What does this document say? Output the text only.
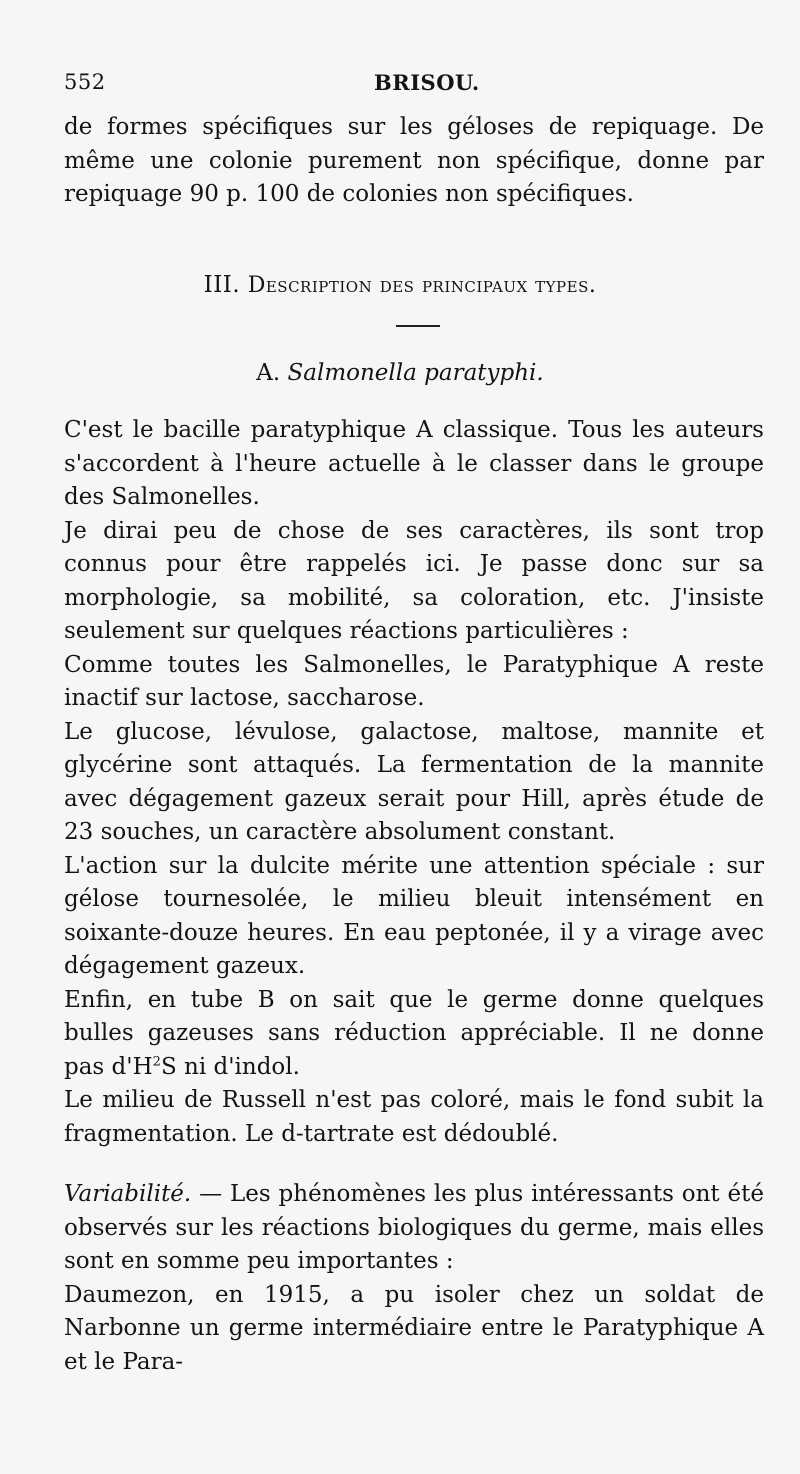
552	BRISOU.

de formes spécifiques sur les géloses de repiquage. De même une colonie purement non spécifique, donne par repiquage 90 p. 100 de colonies non spécifiques.

III. Description des principaux types.
A. Salmonella paratyphi.

C'est le bacille paratyphique A classique. Tous les auteurs s'accordent à l'heure actuelle à le classer dans le groupe des Salmonelles.

Je dirai peu de chose de ses caractères, ils sont trop connus pour être rappelés ici. Je passe donc sur sa morphologie, sa mobilité, sa coloration, etc. J'insiste seulement sur quelques réactions particulières :

Comme toutes les Salmonelles, le Paratyphique A reste inactif sur lactose, saccharose.

Le glucose, lévulose, galactose, maltose, mannite et glycérine sont attaqués. La fermentation de la mannite avec dégagement gazeux serait pour Hill, après étude de 23 souches, un caractère absolument constant.

L'action sur la dulcite mérite une attention spéciale : sur gélose tournesolée, le milieu bleuit intensément en soixante-douze heures. En eau peptonée, il y a virage avec dégagement gazeux.

Enfin, en tube B on sait que le germe donne quelques bulles gazeuses sans réduction appréciable. Il ne donne pas $d'H^2S$ ni d'indol.

Le milieu de Russell n'est pas coloré, mais le fond subit la fragmentation. Le d-tartrate est dédoublé.

Variabilité. — Les phénomènes les plus intéressants ont été observés sur les réactions biologiques du germe, mais elles sont en somme peu importantes :

Daumezon, en 1915, a pu isoler chez un soldat de Narbonne un germe intermédiaire entre le Paratyphique A et le Para-
